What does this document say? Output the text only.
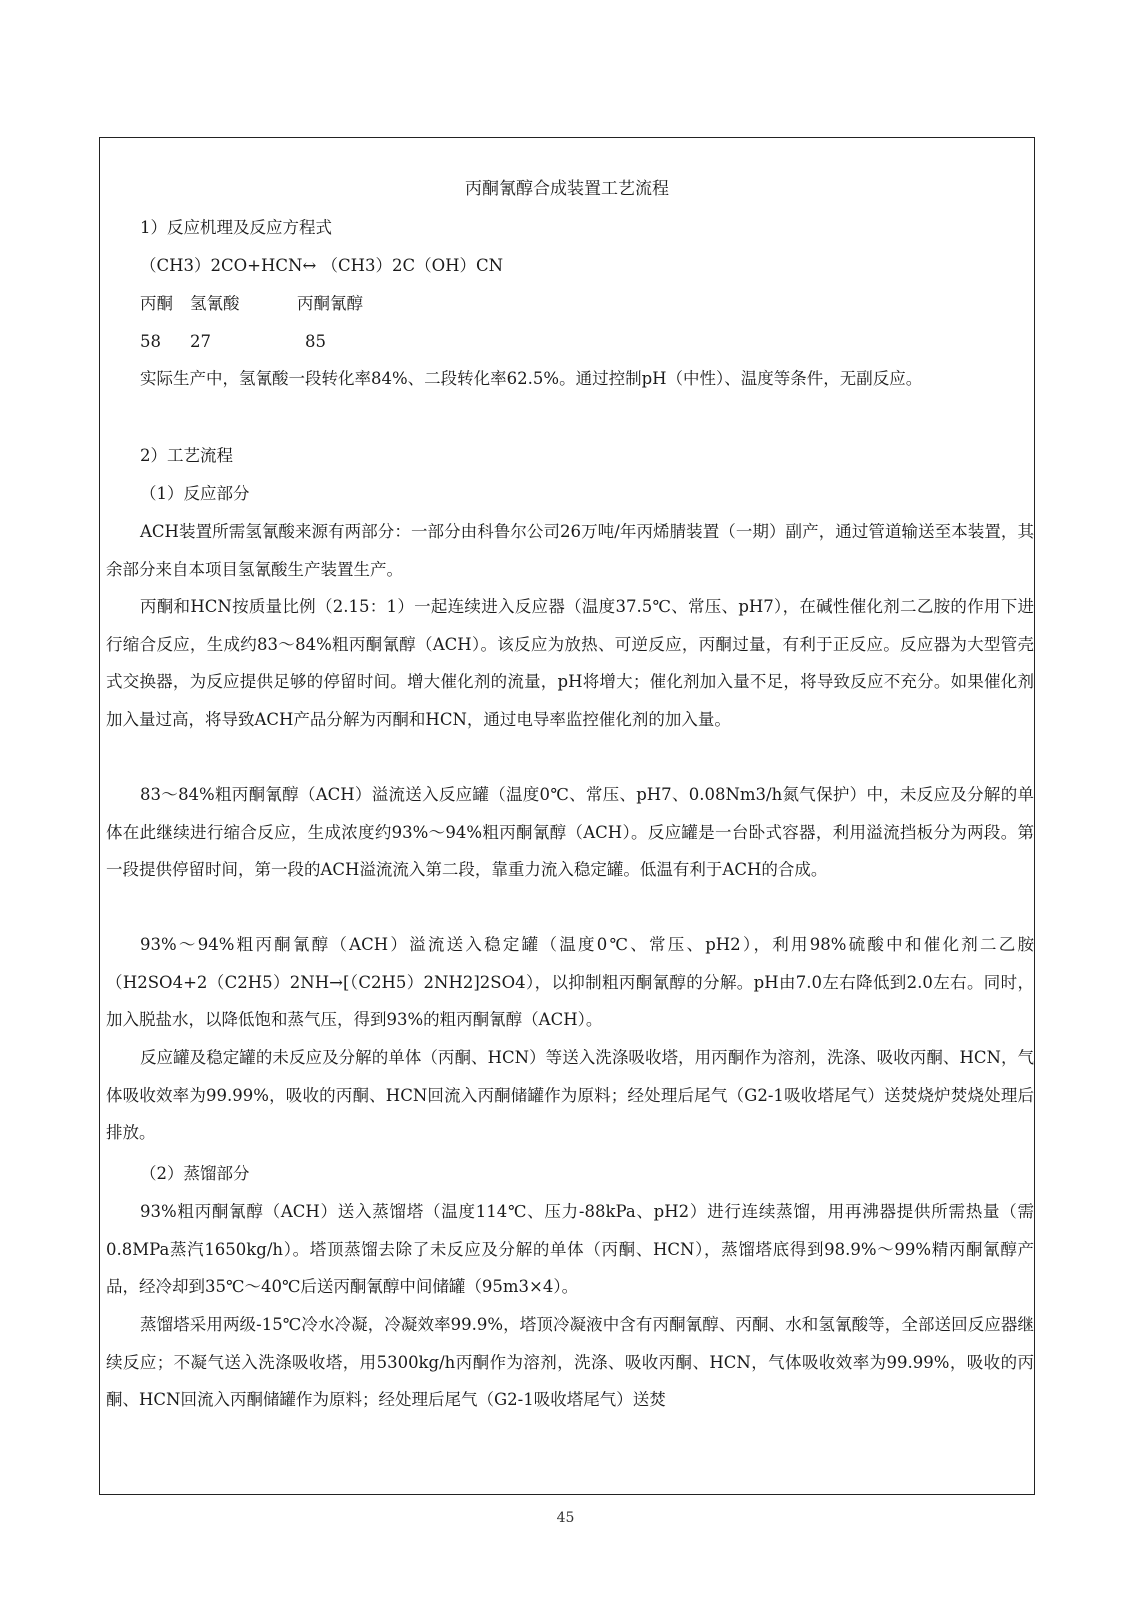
丙酮氰醇合成装置工艺流程
1）反应机理及反应方程式
（CH3）2CO+HCN↔ （CH3）2C（OH）CN
丙酮 氢氰酸	丙酮氰醇
58 27	85

实际生产中，氢氰酸一段转化率84%、二段转化率62.5%。通过控制pH（中性）、温度等条件，无副反应。

2）工艺流程
（1）反应部分

ACH装置所需氢氰酸来源有两部分：一部分由科鲁尔公司26万吨/年丙烯腈装置（一期）副产，通过管道输送至本装置，其余部分来自本项目氢氰酸生产装置生产。

丙酮和HCN按质量比例（2.15：1）一起连续进入反应器（温度37.5℃、常压、pH7），在碱性催化剂二乙胺的作用下进行缩合反应，生成约83～84%粗丙酮氰醇（ACH）。该反应为放热、可逆反应，丙酮过量，有利于正反应。反应器为大型管壳式交换器，为反应提供足够的停留时间。增大催化剂的流量，pH将增大；催化剂加入量不足，将导致反应不充分。如果催化剂加入量过高，将导致ACH产品分解为丙酮和HCN，通过电导率监控催化剂的加入量。

83～84%粗丙酮氰醇（ACH）溢流送入反应罐（温度0℃、常压、pH7、0.08Nm3/h氮气保护）中，未反应及分解的单体在此继续进行缩合反应，生成浓度约93%～94%粗丙酮氰醇（ACH）。反应罐是一台卧式容器，利用溢流挡板分为两段。第一段提供停留时间，第一段的ACH溢流流入第二段，靠重力流入稳定罐。低温有利于ACH的合成。

93%～94%粗丙酮氰醇（ACH）溢流送入稳定罐（温度0℃、常压、pH2），利用98%硫酸中和催化剂二乙胺（H2SO4+2（C2H5）2NH→[（C2H5）2NH2]2SO4），以抑制粗丙酮氰醇的分解。pH由7.0左右降低到2.0左右。同时，加入脱盐水，以降低饱和蒸气压，得到93%的粗丙酮氰醇（ACH）。

反应罐及稳定罐的未反应及分解的单体（丙酮、HCN）等送入洗涤吸收塔，用丙酮作为溶剂，洗涤、吸收丙酮、HCN，气体吸收效率为99.99%，吸收的丙酮、HCN回流入丙酮储罐作为原料；经处理后尾气（G2-1吸收塔尾气）送焚烧炉焚烧处理后排放。

（2）蒸馏部分

93%粗丙酮氰醇（ACH）送入蒸馏塔（温度114℃、压力-88kPa、pH2）进行连续蒸馏，用再沸器提供所需热量（需0.8MPa蒸汽1650kg/h）。塔顶蒸馏去除了未反应及分解的单体（丙酮、HCN），蒸馏塔底得到98.9%～99%精丙酮氰醇产品，经冷却到35℃～40℃后送丙酮氰醇中间储罐（95m3×4）。

蒸馏塔采用两级-15℃冷水冷凝，冷凝效率99.9%，塔顶冷凝液中含有丙酮氰醇、丙酮、水和氢氰酸等，全部送回反应器继续反应；不凝气送入洗涤吸收塔，用5300kg/h丙酮作为溶剂，洗涤、吸收丙酮、HCN，气体吸收效率为99.99%，吸收的丙酮、HCN回流入丙酮储罐作为原料；经处理后尾气（G2-1吸收塔尾气）送焚

45
